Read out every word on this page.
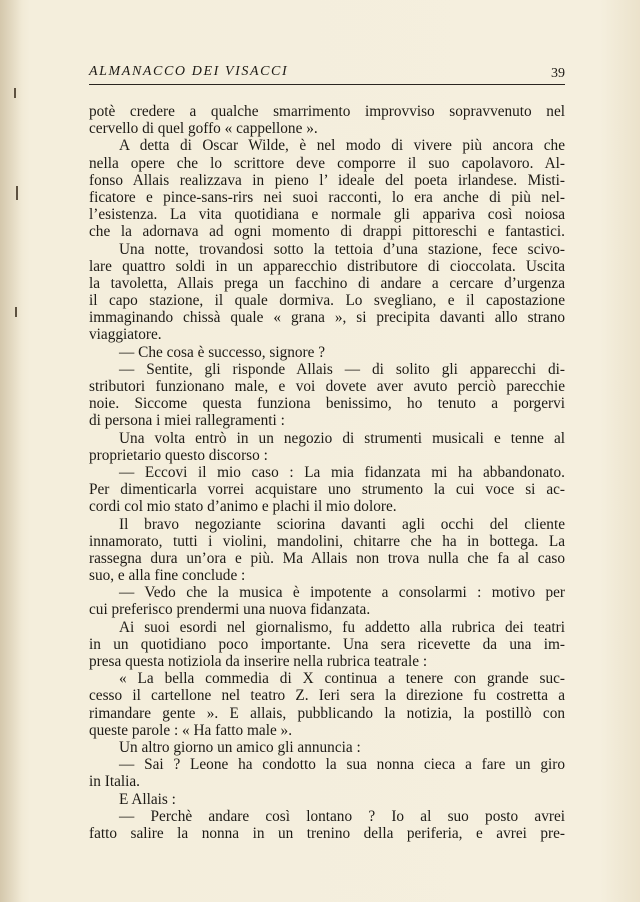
ALMANACCO DEI VISACCI	39
potè credere a qualche smarrimento improvviso sopravvenuto nel
cervello di quel goffo « cappellone ».
A detta di Oscar Wilde, è nel modo di vivere più ancora che
nella opere che lo scrittore deve comporre il suo capolavoro. Al-
fonso Allais realizzava in pieno l’ ideale del poeta irlandese. Misti-
ficatore e pince-sans-rirs nei suoi racconti, lo era anche di più nel-
l’esistenza. La vita quotidiana e normale gli appariva così noiosa
che la adornava ad ogni momento di drappi pittoreschi e fantastici.
Una notte, trovandosi sotto la tettoia d’una stazione, fece scivo-
lare quattro soldi in un apparecchio distributore di cioccolata. Uscita
la tavoletta, Allais prega un facchino di andare a cercare d’urgenza
il capo stazione, il quale dormiva. Lo svegliano, e il capostazione
immaginando chissà quale « grana », si precipita davanti allo strano
viaggiatore.
— Che cosa è successo, signore ?
— Sentite, gli risponde Allais — di solito gli apparecchi di-
stributori funzionano male, e voi dovete aver avuto perciò parecchie
noie. Siccome questa funziona benissimo, ho tenuto a porgervi
di persona i miei rallegramenti :
Una volta entrò in un negozio di strumenti musicali e tenne al
proprietario questo discorso :
— Eccovi il mio caso : La mia fidanzata mi ha abbandonato.
Per dimenticarla vorrei acquistare uno strumento la cui voce si ac-
cordi col mio stato d’animo e plachi il mio dolore.
Il bravo negoziante sciorina davanti agli occhi del cliente
innamorato, tutti i violini, mandolini, chitarre che ha in bottega. La
rassegna dura un’ora e più. Ma Allais non trova nulla che fa al caso
suo, e alla fine conclude :
— Vedo che la musica è impotente a consolarmi : motivo per
cui preferisco prendermi una nuova fidanzata.
Ai suoi esordi nel giornalismo, fu addetto alla rubrica dei teatri
in un quotidiano poco importante. Una sera ricevette da una im-
presa questa notiziola da inserire nella rubrica teatrale :
« La bella commedia di X continua a tenere con grande suc-
cesso il cartellone nel teatro Z. Ieri sera la direzione fu costretta a
rimandare gente ». E allais, pubblicando la notizia, la postillò con
queste parole : « Ha fatto male ».
Un altro giorno un amico gli annuncia :
— Sai ? Leone ha condotto la sua nonna cieca a fare un giro
in Italia.
E Allais :
— Perchè andare così lontano ? Io al suo posto avrei
fatto salire la nonna in un trenino della periferia, e avrei pre-
